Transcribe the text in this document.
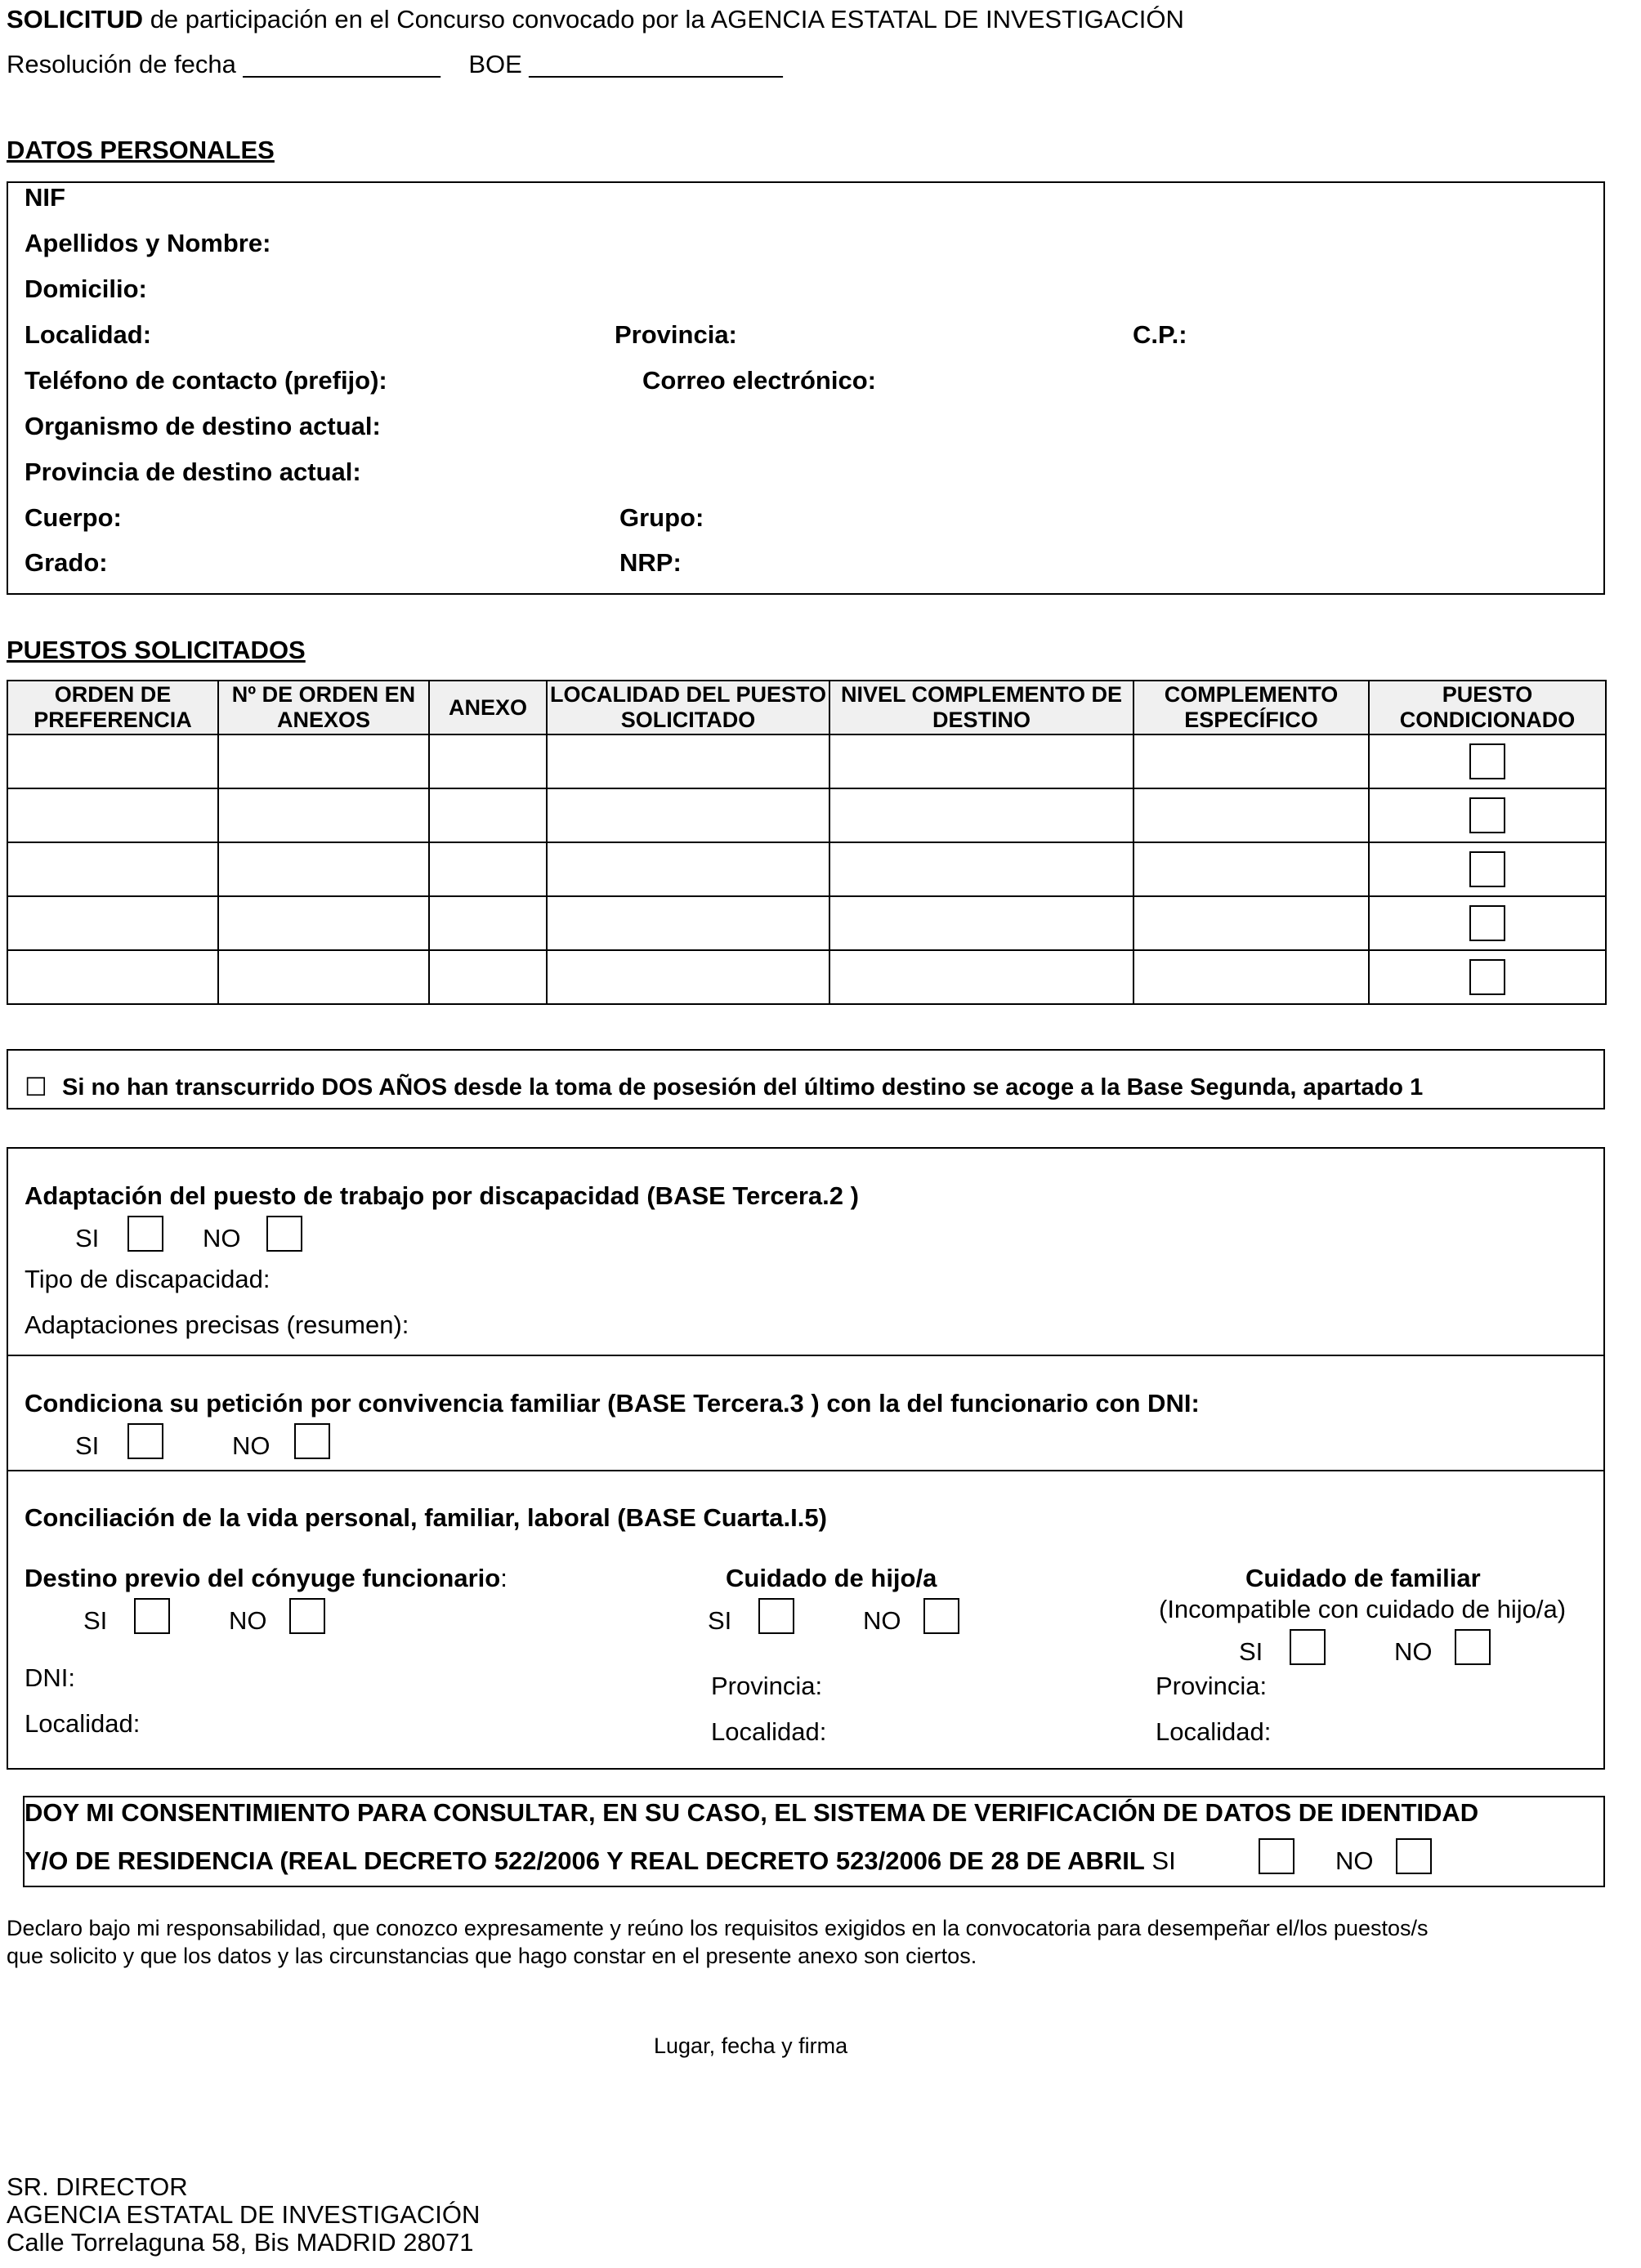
SOLICITUD de participación en el Concurso convocado por la AGENCIA ESTATAL DE INVESTIGACIÓN
Resolución de fecha ______________    BOE __________________
DATOS PERSONALES
NIF
Apellidos y Nombre:
Domicilio:
Localidad:	Provincia:	C.P.:
Teléfono de contacto (prefijo):	Correo electrónico:
Organismo de destino actual:
Provincia de destino actual:
Cuerpo:	Grupo:
Grado:	NRP:
PUESTOS SOLICITADOS
ORDEN DE PREFERENCIA	Nº DE ORDEN EN ANEXOS	ANEXO	LOCALIDAD DEL PUESTO SOLICITADO	NIVEL COMPLEMENTO DE DESTINO	COMPLEMENTO ESPECÍFICO	PUESTO CONDICIONADO

☐ Si no han transcurrido DOS AÑOS desde la toma de posesión del último destino se acoge a la Base Segunda, apartado 1
Adaptación del puesto de trabajo por discapacidad (BASE Tercera.2 )
SI	NO
Tipo de discapacidad:
Adaptaciones precisas (resumen):
Condiciona su petición por convivencia familiar (BASE Tercera.3 ) con la del funcionario con DNI:
SI	NO
Conciliación de la vida personal, familiar, laboral (BASE Cuarta.I.5)
Destino previo del cónyuge funcionario:
SI	NO
DNI:
Localidad:
Cuidado de hijo/a
SI	NO
Provincia:
Localidad:
Cuidado de familiar
(Incompatible con cuidado de hijo/a)
SI	NO
Provincia:
Localidad:
DOY MI CONSENTIMIENTO PARA CONSULTAR, EN SU CASO, EL SISTEMA DE VERIFICACIÓN DE DATOS DE IDENTIDAD
Y/O DE RESIDENCIA (REAL DECRETO 522/2006 Y REAL DECRETO 523/2006 DE 28 DE ABRIL SI	NO
Declaro bajo mi responsabilidad, que conozco expresamente y reúno los requisitos exigidos en la convocatoria para desempeñar el/los puestos/s
que solicito y que los datos y las circunstancias que hago constar en el presente anexo son ciertos.
Lugar, fecha y firma
SR. DIRECTOR
AGENCIA ESTATAL DE INVESTIGACIÓN
Calle Torrelaguna 58, Bis MADRID 28071
